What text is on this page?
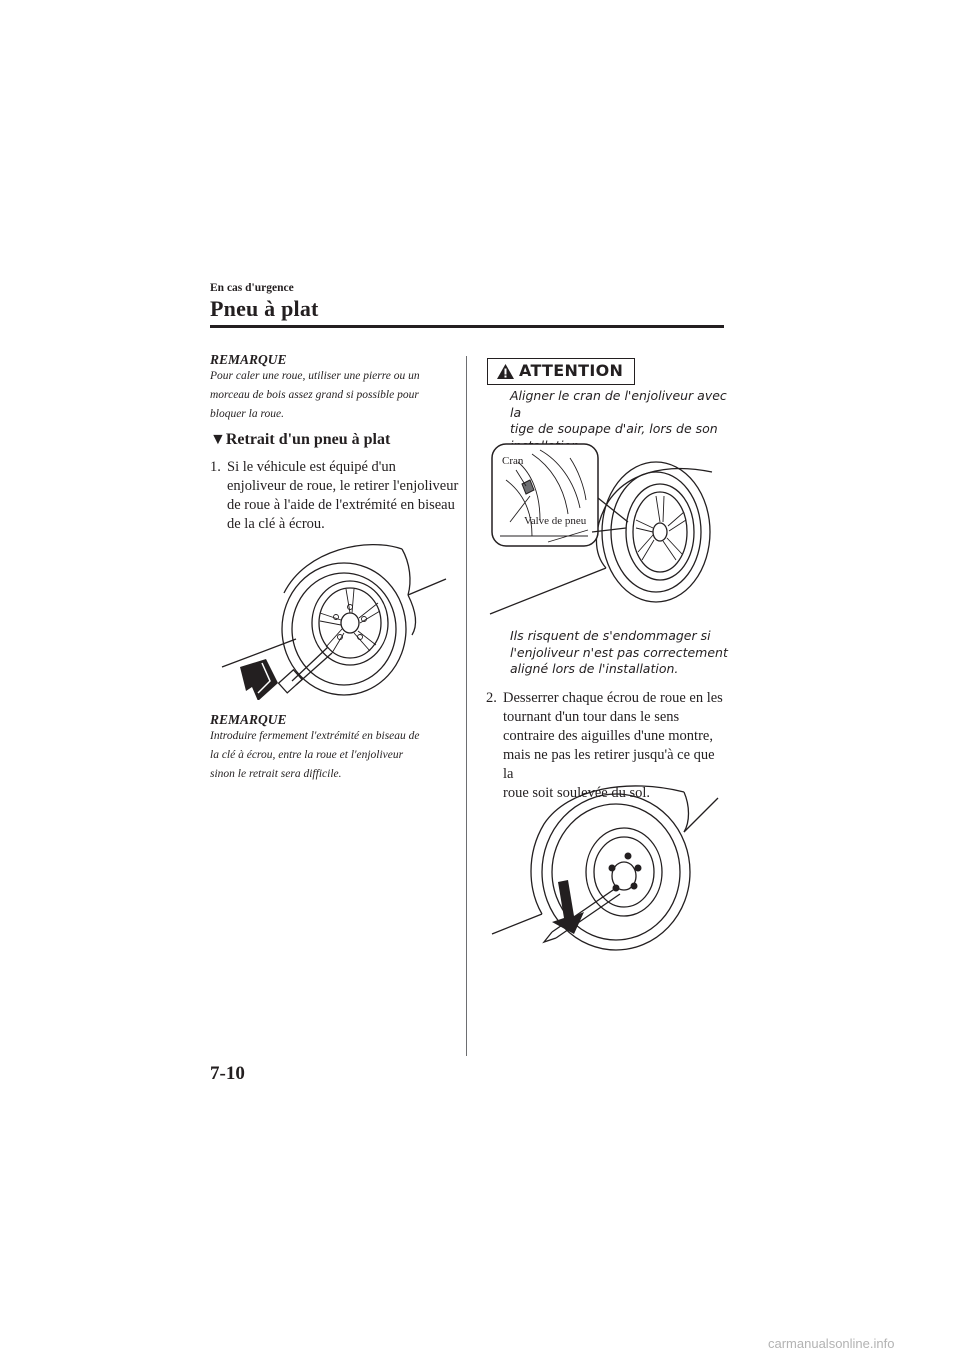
En cas d'urgence
Pneu à plat
REMARQUE
Pour caler une roue, utiliser une pierre ou un
morceau de bois assez grand si possible pour
bloquer la roue.
▼Retrait d'un pneu à plat
1. Si le véhicule est équipé d'un
enjoliveur de roue, le retirer l'enjoliveur
de roue à l'aide de l'extrémité en biseau
de la clé à écrou.
REMARQUE
Introduire fermement l'extrémité en biseau de
la clé à écrou, entre la roue et l'enjoliveur
sinon le retrait sera difficile.
ATTENTION
Aligner le cran de l'enjoliveur avec la
tige de soupape d'air, lors de son
Cran
Valve de pneu
Ils risquent de s'endommager si
l'enjoliveur n'est pas correctement
aligné lors de l'installation.
2. Desserrer chaque écrou de roue en les
tournant d'un tour dans le sens
contraire des aiguilles d'une montre,
mais ne pas les retirer jusqu'à ce que la
roue soit soulevée du sol.
7-10
carmanualsonline.info
